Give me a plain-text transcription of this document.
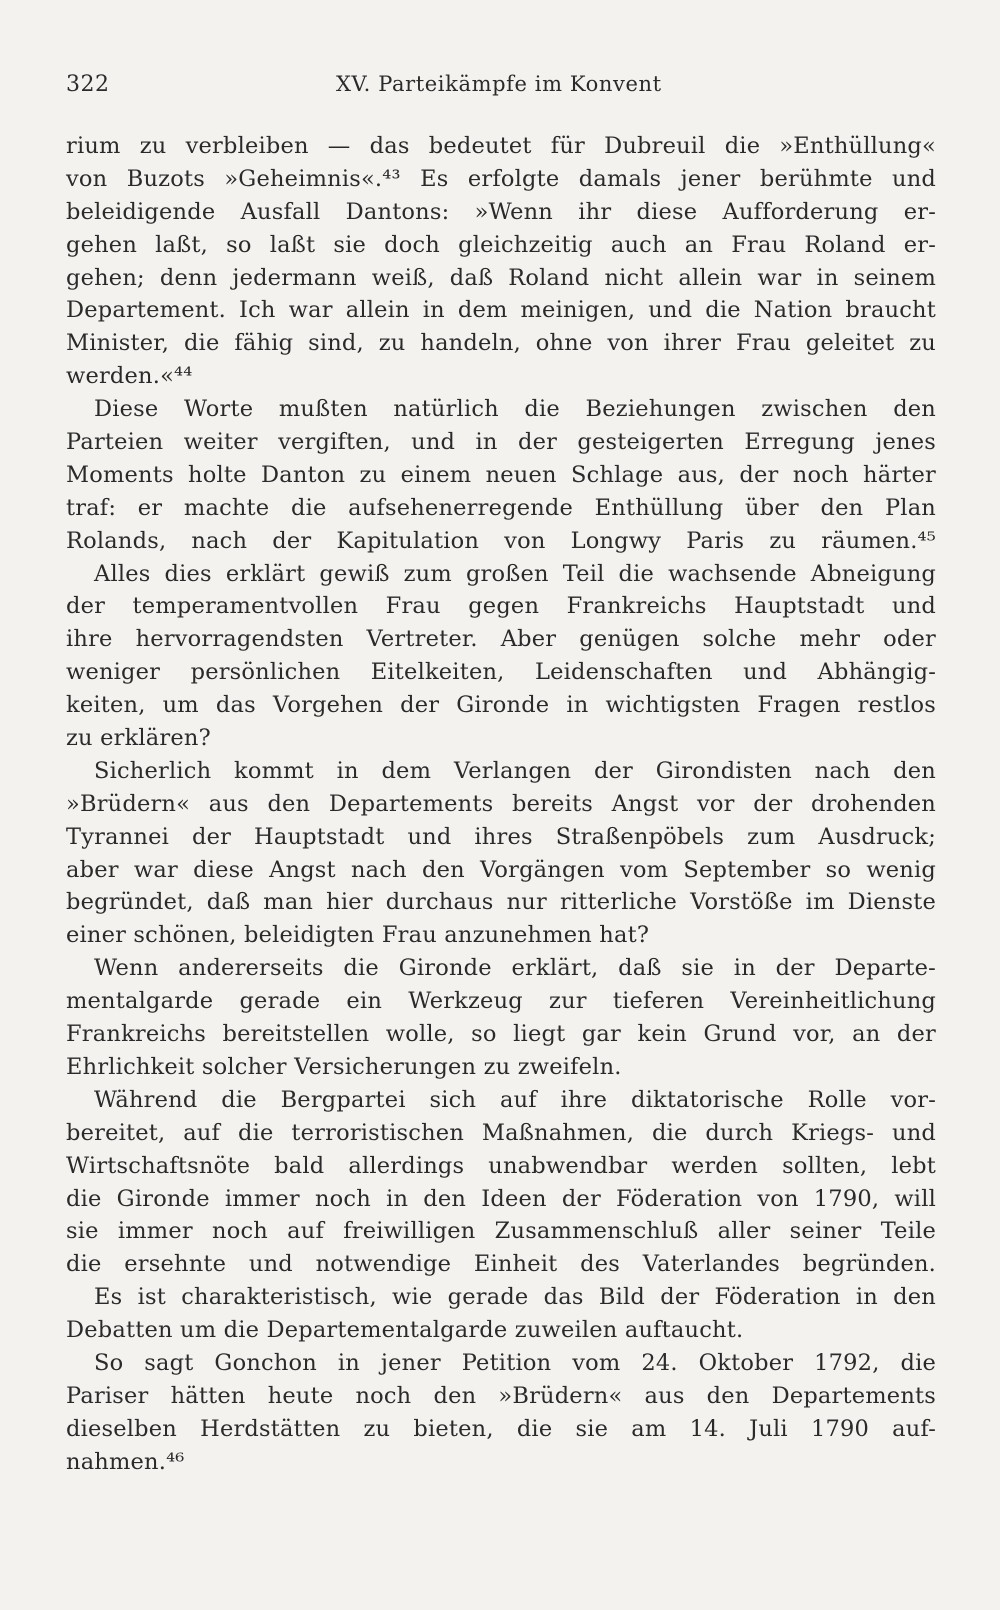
322	XV. Parteikämpfe im Konvent
rium zu verbleiben — das bedeutet für Dubreuil die »Enthüllung«
von Buzots »Geheimnis«.⁴³ Es erfolgte damals jener berühmte und
beleidigende Ausfall Dantons: »Wenn ihr diese Aufforderung er-
gehen laßt, so laßt sie doch gleichzeitig auch an Frau Roland er-
gehen; denn jedermann weiß, daß Roland nicht allein war in seinem
Departement. Ich war allein in dem meinigen, und die Nation braucht
Minister, die fähig sind, zu handeln, ohne von ihrer Frau geleitet zu
werden.«⁴⁴
Diese Worte mußten natürlich die Beziehungen zwischen den
Parteien weiter vergiften, und in der gesteigerten Erregung jenes
Moments holte Danton zu einem neuen Schlage aus, der noch härter
traf: er machte die aufsehenerregende Enthüllung über den Plan
Rolands, nach der Kapitulation von Longwy Paris zu räumen.⁴⁵
Alles dies erklärt gewiß zum großen Teil die wachsende Abneigung
der temperamentvollen Frau gegen Frankreichs Hauptstadt und
ihre hervorragendsten Vertreter. Aber genügen solche mehr oder
weniger persönlichen Eitelkeiten, Leidenschaften und Abhängig-
keiten, um das Vorgehen der Gironde in wichtigsten Fragen restlos
zu erklären?
Sicherlich kommt in dem Verlangen der Girondisten nach den
»Brüdern« aus den Departements bereits Angst vor der drohenden
Tyrannei der Hauptstadt und ihres Straßenpöbels zum Ausdruck;
aber war diese Angst nach den Vorgängen vom September so wenig
begründet, daß man hier durchaus nur ritterliche Vorstöße im Dienste
einer schönen, beleidigten Frau anzunehmen hat?
Wenn andererseits die Gironde erklärt, daß sie in der Departe-
mentalgarde gerade ein Werkzeug zur tieferen Vereinheitlichung
Frankreichs bereitstellen wolle, so liegt gar kein Grund vor, an der
Ehrlichkeit solcher Versicherungen zu zweifeln.
Während die Bergpartei sich auf ihre diktatorische Rolle vor-
bereitet, auf die terroristischen Maßnahmen, die durch Kriegs- und
Wirtschaftsnöte bald allerdings unabwendbar werden sollten, lebt
die Gironde immer noch in den Ideen der Föderation von 1790, will
sie immer noch auf freiwilligen Zusammenschluß aller seiner Teile
die ersehnte und notwendige Einheit des Vaterlandes begründen.
Es ist charakteristisch, wie gerade das Bild der Föderation in den
Debatten um die Departementalgarde zuweilen auftaucht.
So sagt Gonchon in jener Petition vom 24. Oktober 1792, die
Pariser hätten heute noch den »Brüdern« aus den Departements
dieselben Herdstätten zu bieten, die sie am 14. Juli 1790 auf-
nahmen.⁴⁶
